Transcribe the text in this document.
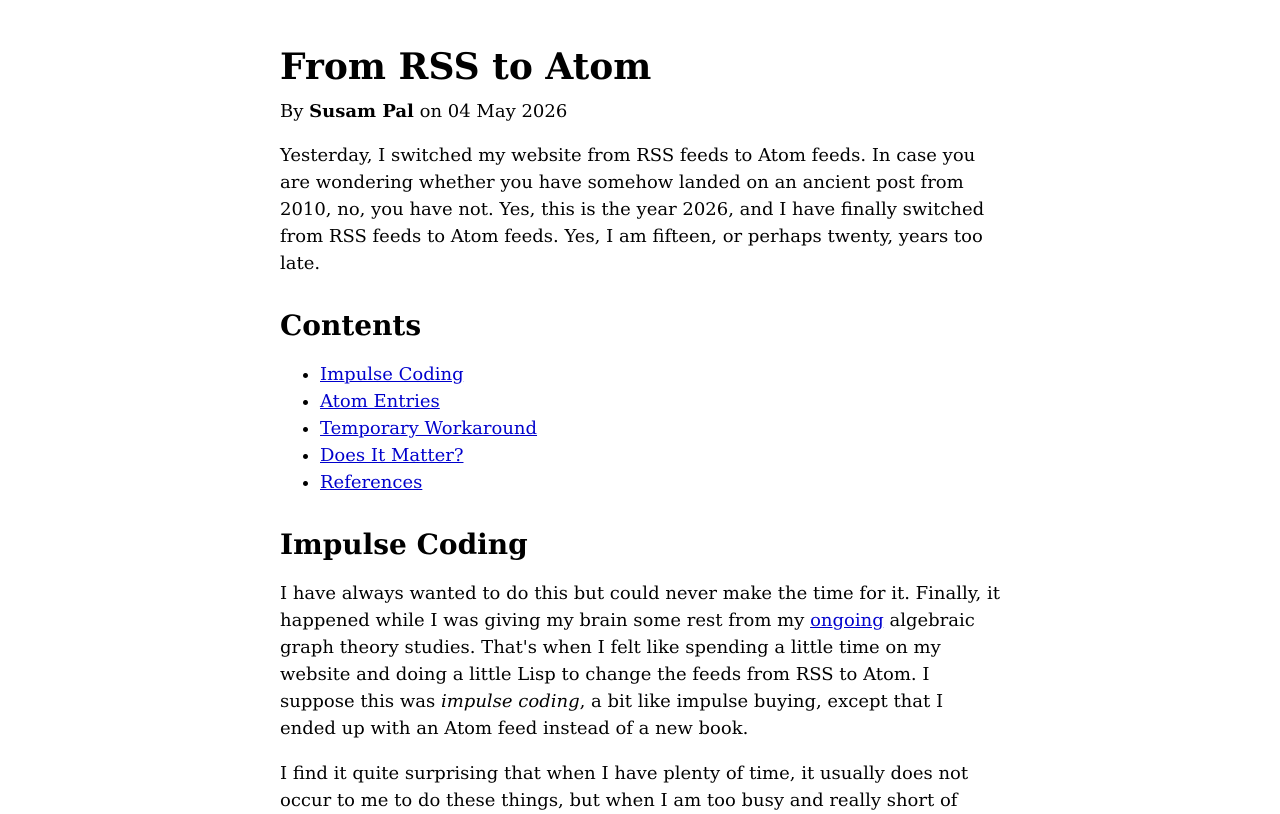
From RSS to Atom
By Susam Pal on 04 May 2026

Yesterday, I switched my website from RSS feeds to Atom feeds. In case you are wondering whether you have somehow landed on an ancient post from 2010, no, you have not. Yes, this is the year 2026, and I have finally switched from RSS feeds to Atom feeds. Yes, I am fifteen, or perhaps twenty, years too late.

Contents
• Impulse Coding
• Atom Entries
• Temporary Workaround
• Does It Matter?
• References
Impulse Coding

I have always wanted to do this but could never make the time for it. Finally, it happened while I was giving my brain some rest from my ongoing algebraic graph theory studies. That's when I felt like spending a little time on my website and doing a little Lisp to change the feeds from RSS to Atom. I suppose this was impulse coding, a bit like impulse buying, except that I ended up with an Atom feed instead of a new book.

I find it quite surprising that when I have plenty of time, it usually does not occur to me to do these things, but when I am too busy and really short of
